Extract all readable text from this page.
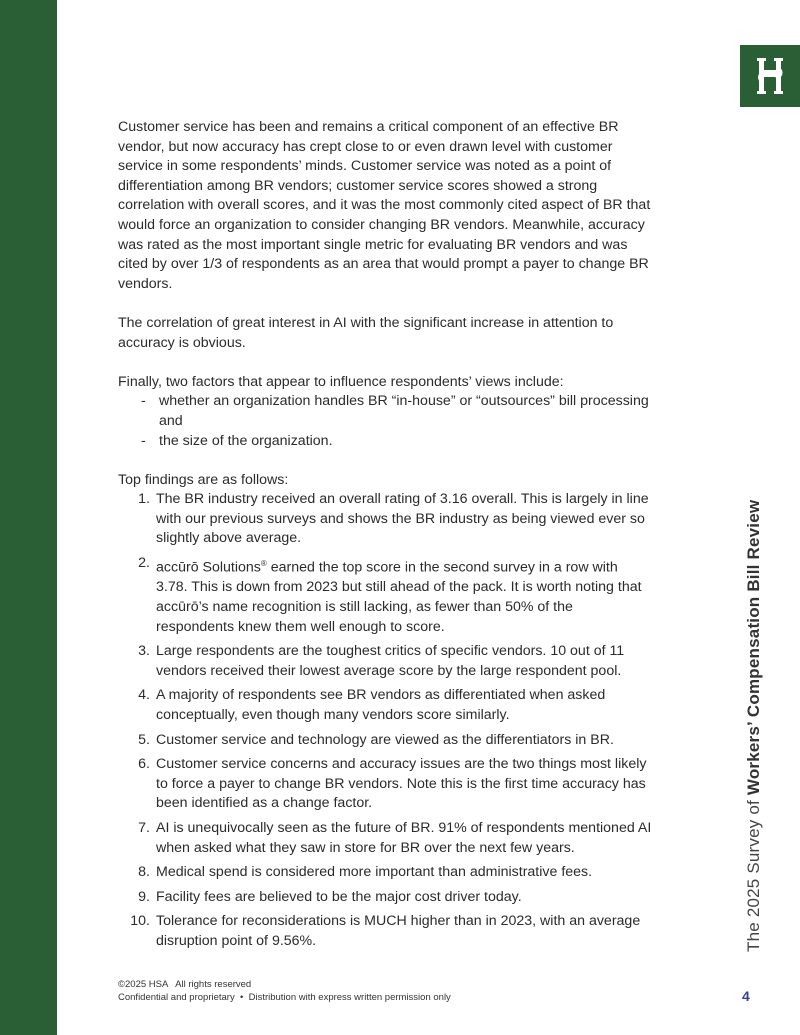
Customer service has been and remains a critical component of an effective BR vendor, but now accuracy has crept close to or even drawn level with customer service in some respondents’ minds. Customer service was noted as a point of differentiation among BR vendors; customer service scores showed a strong correlation with overall scores, and it was the most commonly cited aspect of BR that would force an organization to consider changing BR vendors. Meanwhile, accuracy was rated as the most important single metric for evaluating BR vendors and was cited by over 1/3 of respondents as an area that would prompt a payer to change BR vendors.

The correlation of great interest in AI with the significant increase in attention to accuracy is obvious.

Finally, two factors that appear to influence respondents’ views include:

- whether an organization handles BR “in-house” or “outsources” bill processing and
- the size of the organization.

Top findings are as follows:

1. The BR industry received an overall rating of 3.16 overall. This is largely in line with our previous surveys and shows the BR industry as being viewed ever so slightly above average.
2. accūrō Solutions® earned the top score in the second survey in a row with 3.78. This is down from 2023 but still ahead of the pack. It is worth noting that accūrō’s name recognition is still lacking, as fewer than 50% of the respondents knew them well enough to score.
3. Large respondents are the toughest critics of specific vendors. 10 out of 11 vendors received their lowest average score by the large respondent pool.
4. A majority of respondents see BR vendors as differentiated when asked conceptually, even though many vendors score similarly.
5. Customer service and technology are viewed as the differentiators in BR.
6. Customer service concerns and accuracy issues are the two things most likely to force a payer to change BR vendors. Note this is the first time accuracy has been identified as a change factor.
7. AI is unequivocally seen as the future of BR. 91% of respondents mentioned AI when asked what they saw in store for BR over the next few years.
8. Medical spend is considered more important than administrative fees.
9. Facility fees are believed to be the major cost driver today.
10. Tolerance for reconsiderations is MUCH higher than in 2023, with an average disruption point of 9.56%.	The 2025 Survey of Workers’ Compensation Bill Review
©2025 HSA   All rights reserved
Confidential and proprietary  •  Distribution with express written permission only	4
